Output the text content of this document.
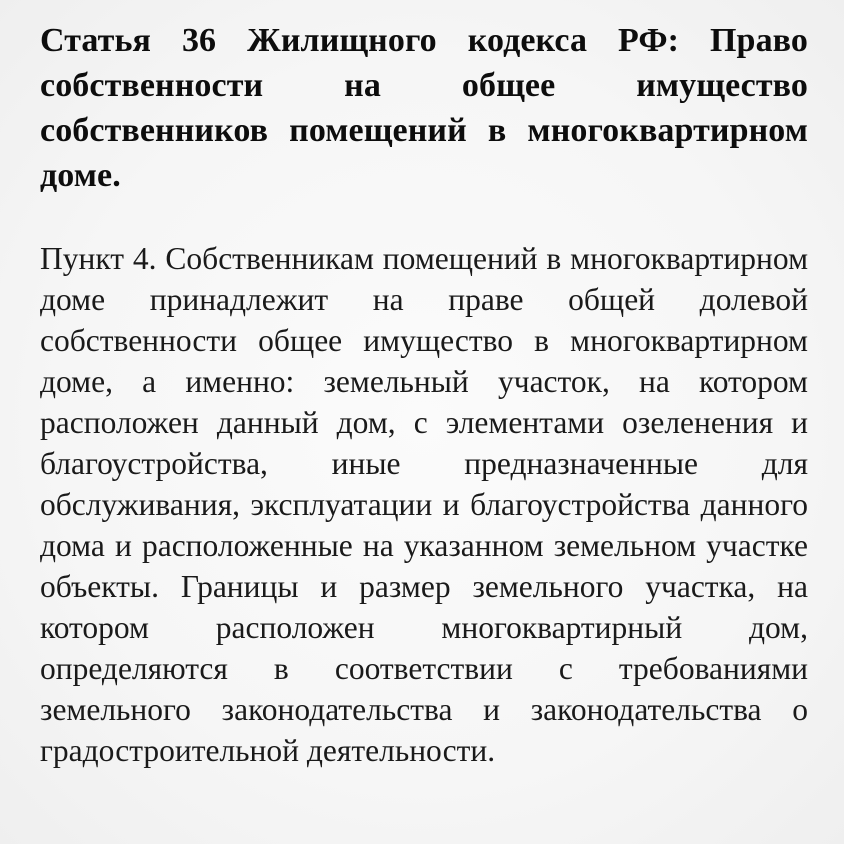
Статья 36 Жилищного кодекса РФ: Право собственности на общее имущество собственников помещений в многоквартирном доме.

Пункт 4. Собственникам помещений в многоквартирном доме принадлежит на праве общей долевой собственности общее имущество в многоквартирном доме, а именно: земельный участок, на котором расположен данный дом, с элементами озеленения и благоустройства, иные предназначенные для обслуживания, эксплуатации и благоустройства данного дома и расположенные на указанном земельном участке объекты. Границы и размер земельного участка, на котором расположен многоквартирный дом, определяются в соответствии с требованиями земельного законодательства и законодательства о градостроительной деятельности.
